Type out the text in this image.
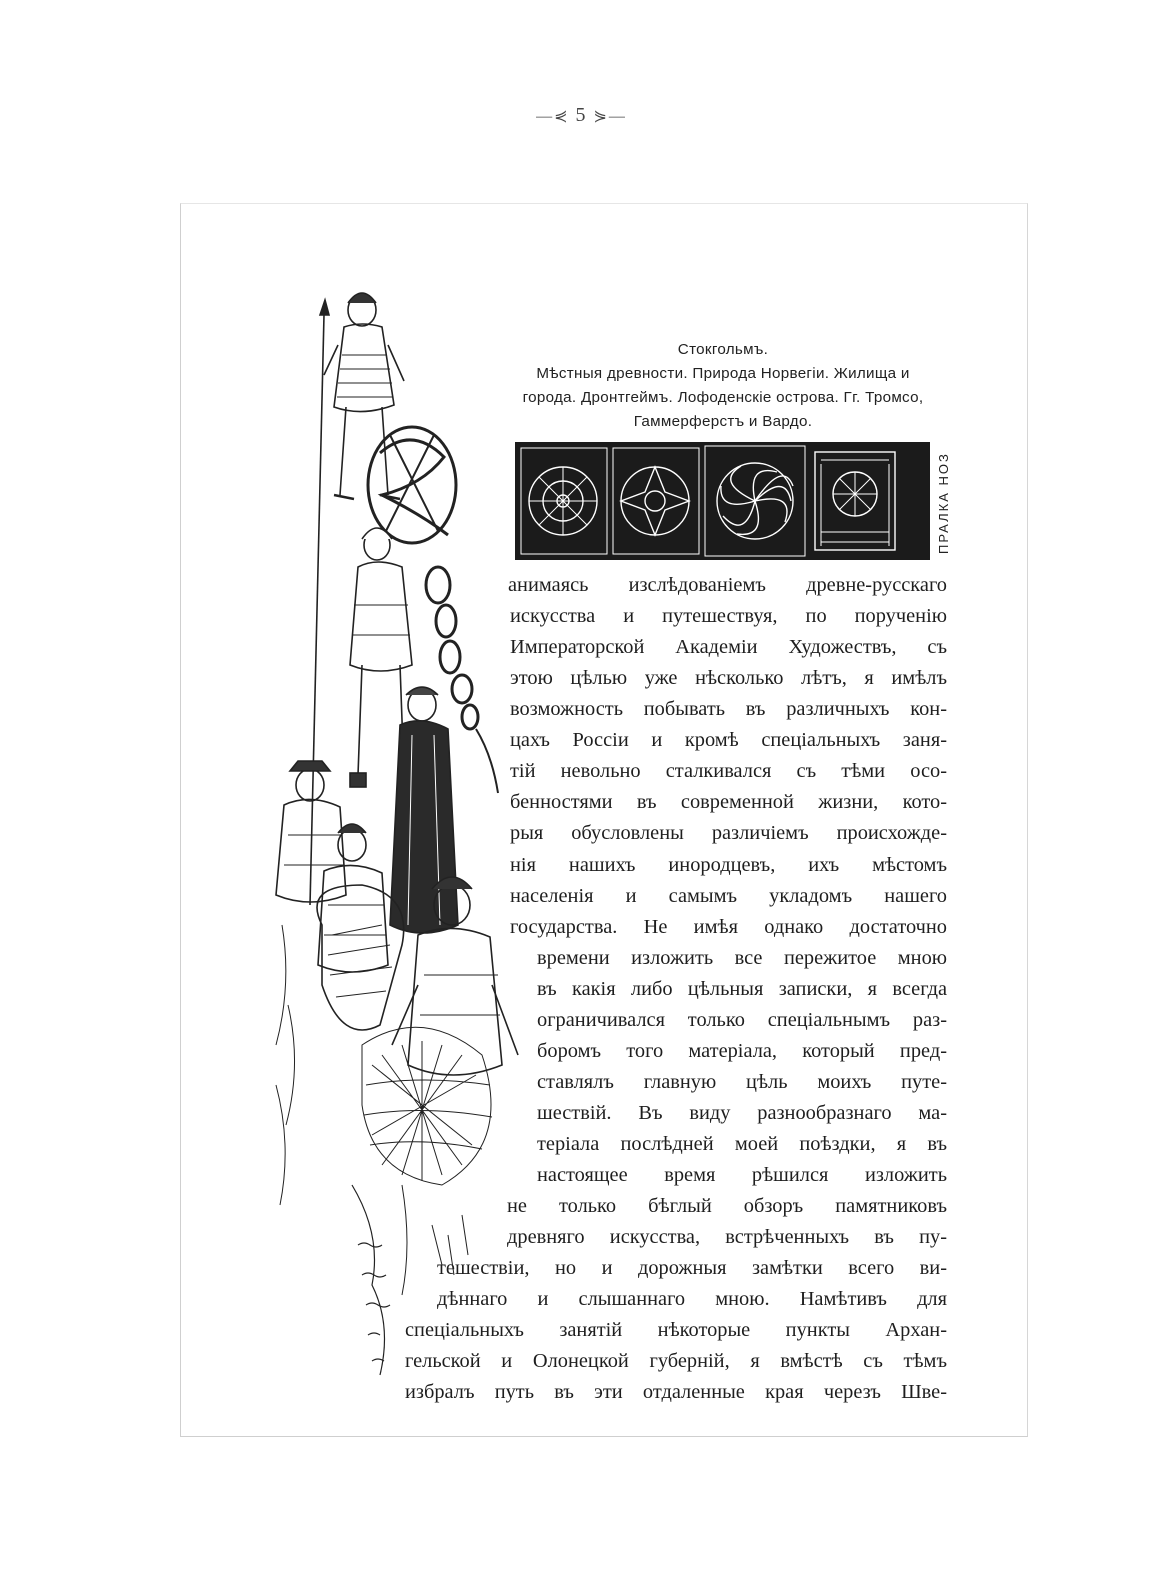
—⋞ 5 ⋟—
Стокгольмъ.
Мѣстныя древности. Природа Норвегіи. Жилища и
города. Дронтгеймъ. Лофоденскіе острова. Гг. Тромсо,
Гаммерферстъ и Вардо.
ПРАЛКА НОЗ
анимаясь изслѣдованіемъ древне-русскаго
искусства и путешествуя, по порученію
Императорской Академіи Художествъ, съ
этою цѣлью уже нѣсколько лѣтъ, я имѣлъ
возможность побывать въ различныхъ кон-
цахъ Россіи и кромѣ спеціальныхъ заня-
тій невольно сталкивался съ тѣми осо-
бенностями въ современной жизни, кото-
рыя обусловлены различіемъ происхожде-
нія нашихъ инородцевъ, ихъ мѣстомъ
населенія и самымъ укладомъ нашего
государства. Не имѣя однако достаточно
времени изложить все пережитое мною
въ какія либо цѣльныя записки, я всегда
ограничивался только спеціальнымъ раз-
боромъ того матеріала, который пред-
ставлялъ главную цѣль моихъ путе-
шествій. Въ виду разнообразнаго ма-
теріала послѣдней моей поѣздки, я въ
настоящее время рѣшился изложить
не только бѣглый обзоръ памятниковъ
древняго искусства, встрѣченныхъ въ пу-
тешествіи, но и дорожныя замѣтки всего ви-
дѣннаго и слышаннаго мною. Намѣтивъ для
спеціальныхъ занятій нѣкоторые пункты Архан-
гельской и Олонецкой губерній, я вмѣстѣ съ тѣмъ
избралъ путь въ эти отдаленные края черезъ Шве-
